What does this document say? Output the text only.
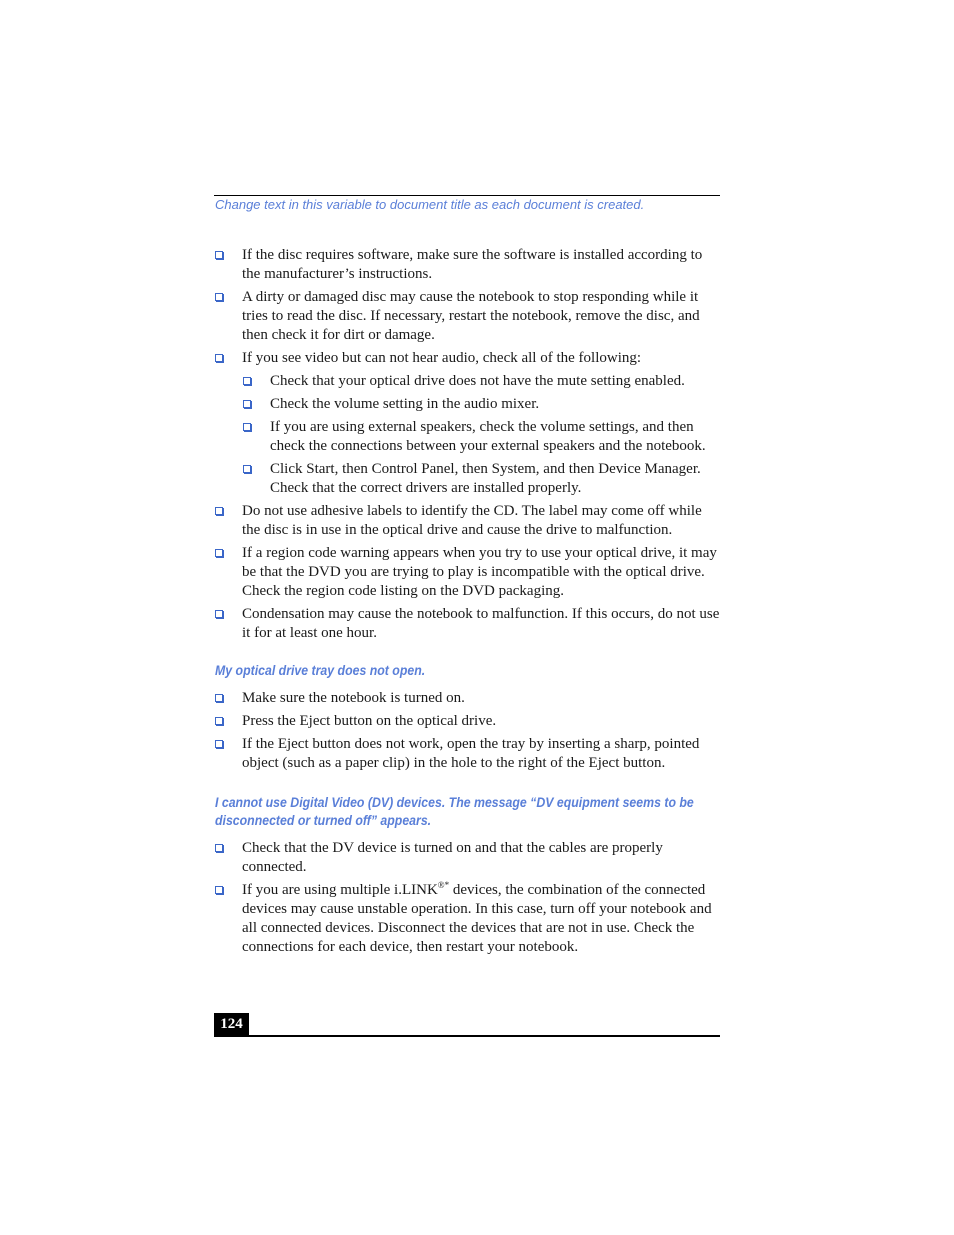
Change text in this variable to document title as each document is created.
If the disc requires software, make sure the software is installed according to the manufacturer’s instructions.
A dirty or damaged disc may cause the notebook to stop responding while it tries to read the disc. If necessary, restart the notebook, remove the disc, and then check it for dirt or damage.
If you see video but can not hear audio, check all of the following:
Check that your optical drive does not have the mute setting enabled.
Check the volume setting in the audio mixer.
If you are using external speakers, check the volume settings, and then check the connections between your external speakers and the notebook.
Click Start, then Control Panel, then System, and then Device Manager. Check that the correct drivers are installed properly.
Do not use adhesive labels to identify the CD. The label may come off while the disc is in use in the optical drive and cause the drive to malfunction.
If a region code warning appears when you try to use your optical drive, it may be that the DVD you are trying to play is incompatible with the optical drive. Check the region code listing on the DVD packaging.
Condensation may cause the notebook to malfunction. If this occurs, do not use it for at least one hour.
My optical drive tray does not open.
Make sure the notebook is turned on.
Press the Eject button on the optical drive.
If the Eject button does not work, open the tray by inserting a sharp, pointed object (such as a paper clip) in the hole to the right of the Eject button.
I cannot use Digital Video (DV) devices. The message “DV equipment seems to be disconnected or turned off” appears.
Check that the DV device is turned on and that the cables are properly connected.
If you are using multiple i.LINK®* devices, the combination of the connected devices may cause unstable operation. In this case, turn off your notebook and all connected devices. Disconnect the devices that are not in use. Check the connections for each device, then restart your notebook.
124
